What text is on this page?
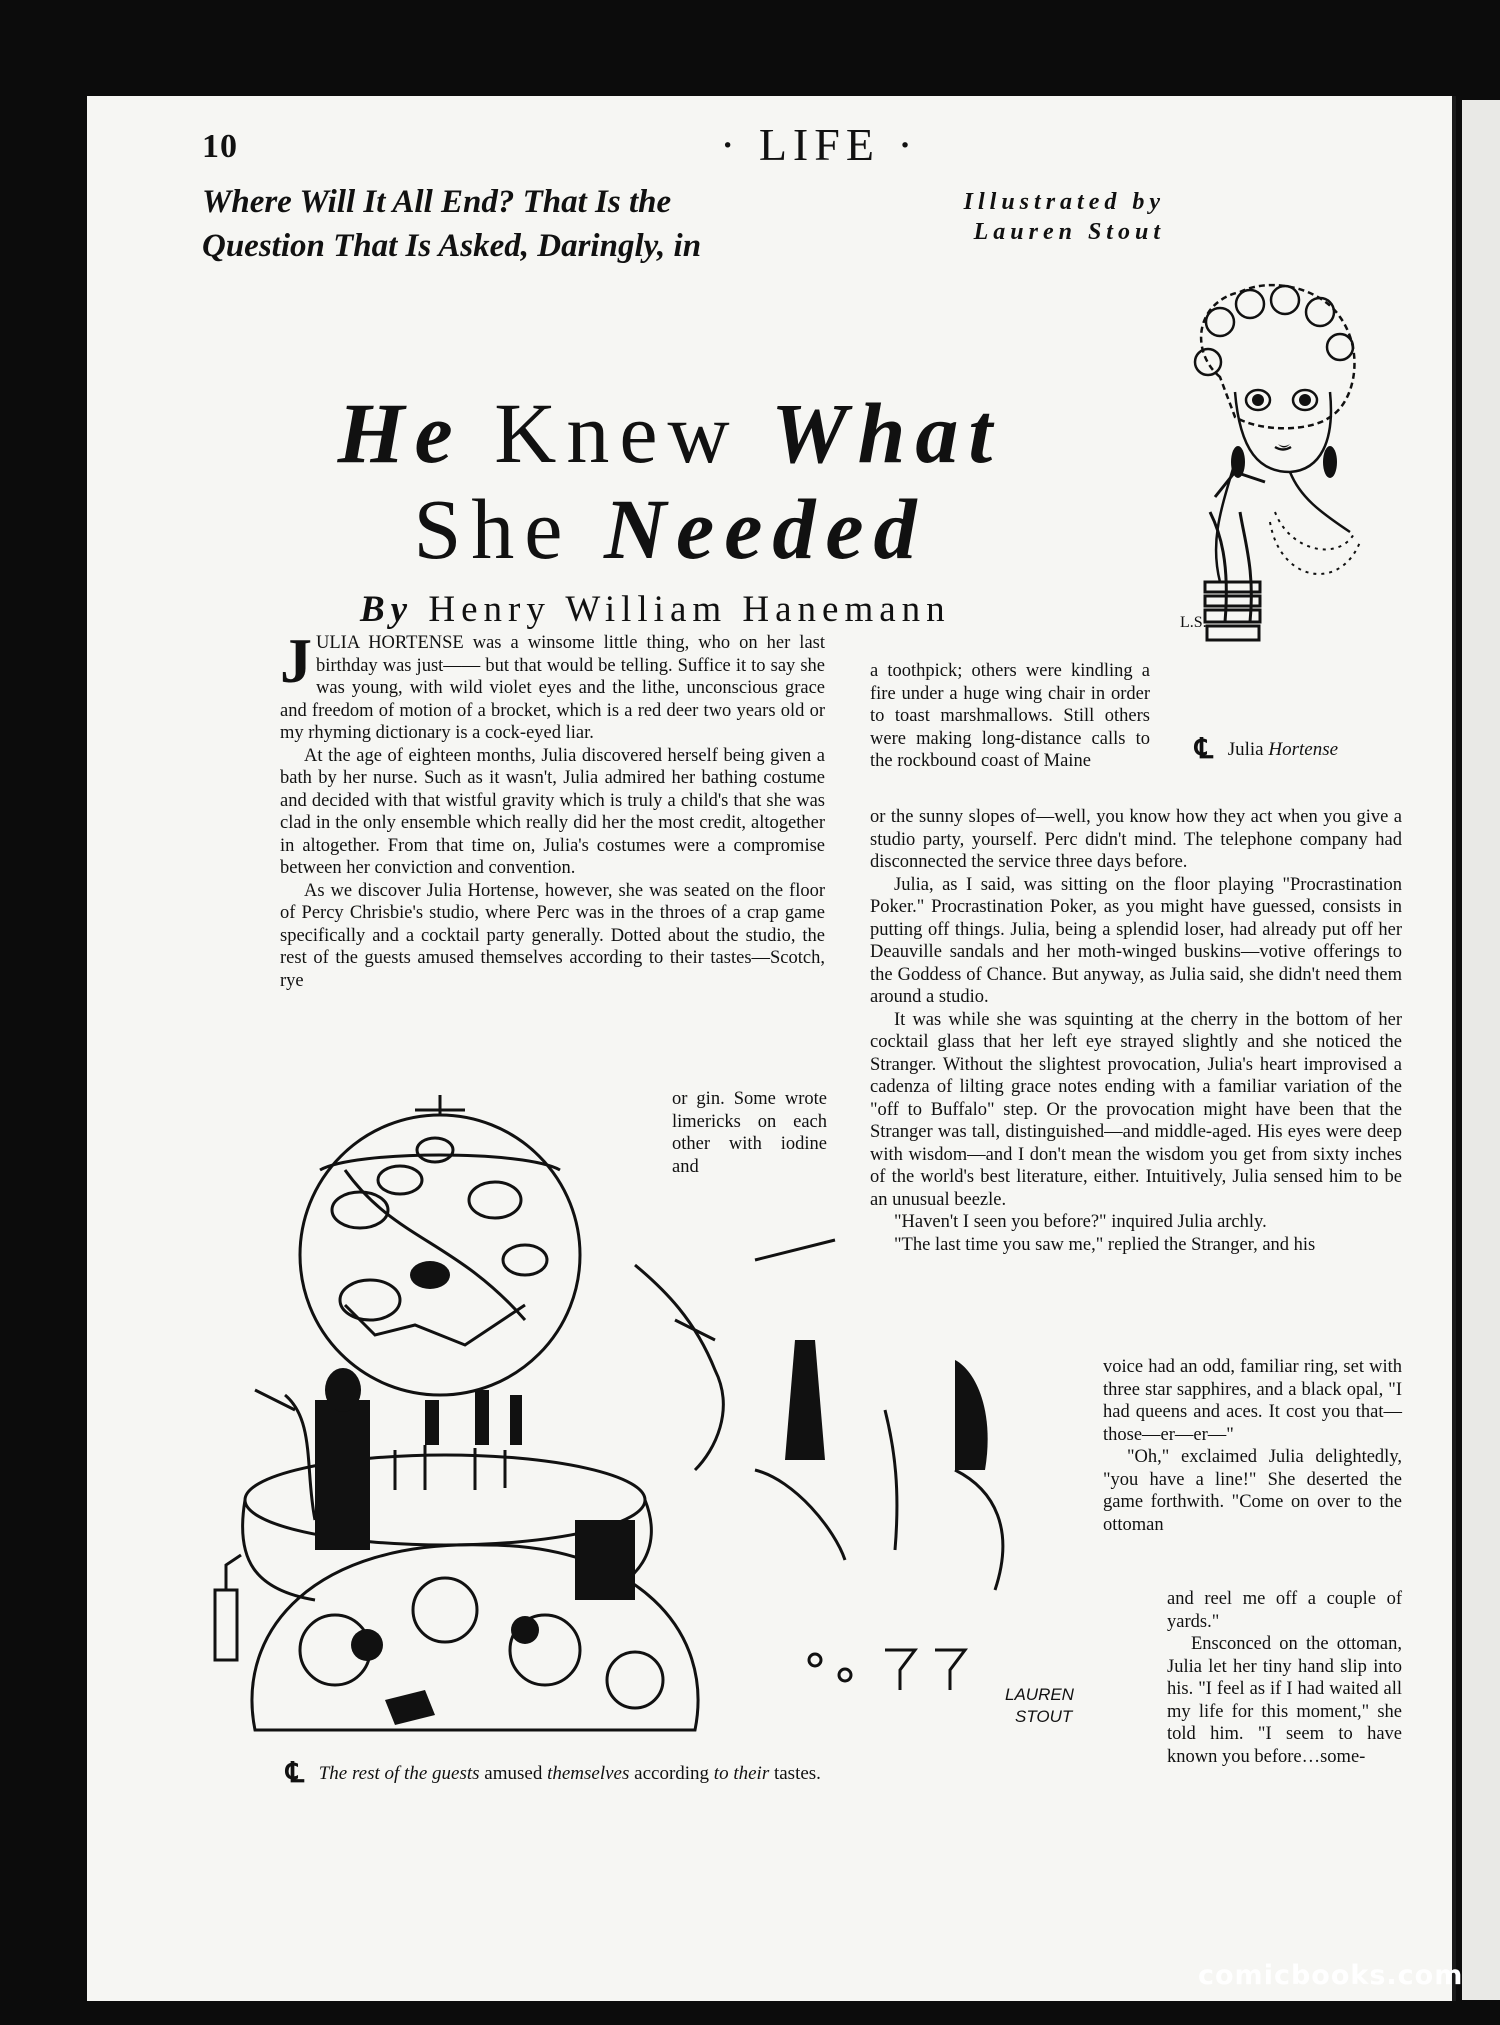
10	· LIFE ·
Where Will It All End? That Is the
Question That Is Asked, Daringly, in
Illustrated by
Lauren Stout
He Knew What
She Needed
By Henry William Hanemann

JULIA HORTENSE was a winsome little thing, who on her last birthday was just—— but that would be telling. Suffice it to say she was young, with wild violet eyes and the lithe, unconscious grace and freedom of motion of a brocket, which is a red deer two years old or my rhyming dictionary is a cock-eyed liar.

At the age of eighteen months, Julia discovered herself being given a bath by her nurse. Such as it wasn't, Julia admired her bathing costume and decided with that wistful gravity which is truly a child's that she was clad in the only ensemble which really did her the most credit, altogether in altogether. From that time on, Julia's costumes were a compromise between her conviction and convention.

As we discover Julia Hortense, however, she was seated on the floor of Percy Chrisbie's studio, where Perc was in the throes of a crap game specifically and a cocktail party generally. Dotted about the studio, the rest of the guests amused themselves according to their tastes—Scotch, rye

or gin. Some wrote limericks on each other with iodine and

a toothpick; others were kindling a fire under a huge wing chair in order to toast marshmallows. Still others were making long-distance calls to the rockbound coast of Maine

or the sunny slopes of—well, you know how they act when you give a studio party, yourself. Perc didn't mind. The telephone company had disconnected the service three days before.

Julia, as I said, was sitting on the floor playing "Procrastination Poker." Procrastination Poker, as you might have guessed, consists in putting off things. Julia, being a splendid loser, had already put off her Deauville sandals and her moth-winged buskins—votive offerings to the Goddess of Chance. But anyway, as Julia said, she didn't need them around a studio.

It was while she was squinting at the cherry in the bottom of her cocktail glass that her left eye strayed slightly and she noticed the Stranger. Without the slightest provocation, Julia's heart improvised a cadenza of lilting grace notes ending with a familiar variation of the "off to Buffalo" step. Or the provocation might have been that the Stranger was tall, distinguished—and middle-aged. His eyes were deep with wisdom—and I don't mean the wisdom you get from sixty inches of the world's best literature, either. Intuitively, Julia sensed him to be an unusual beezle.

"Haven't I seen you before?" inquired Julia archly.

"The last time you saw me," replied the Stranger, and his

voice had an odd, familiar ring, set with three star sapphires, and a black opal, "I had queens and aces. It cost you that—those—er—er—"

"Oh," exclaimed Julia delightedly, "you have a line!" She deserted the game forthwith. "Come on over to the ottoman

and reel me off a couple of yards."

Ensconced on the ottoman, Julia let her tiny hand slip into his. "I feel as if I had waited all my life for this moment," she told him. "I seem to have known you before…some-

L.S.
℄ Julia Hortense
LAUREN
STOUT
℄ The rest of the guests amused themselves according to their tastes.
comicbooks.com
